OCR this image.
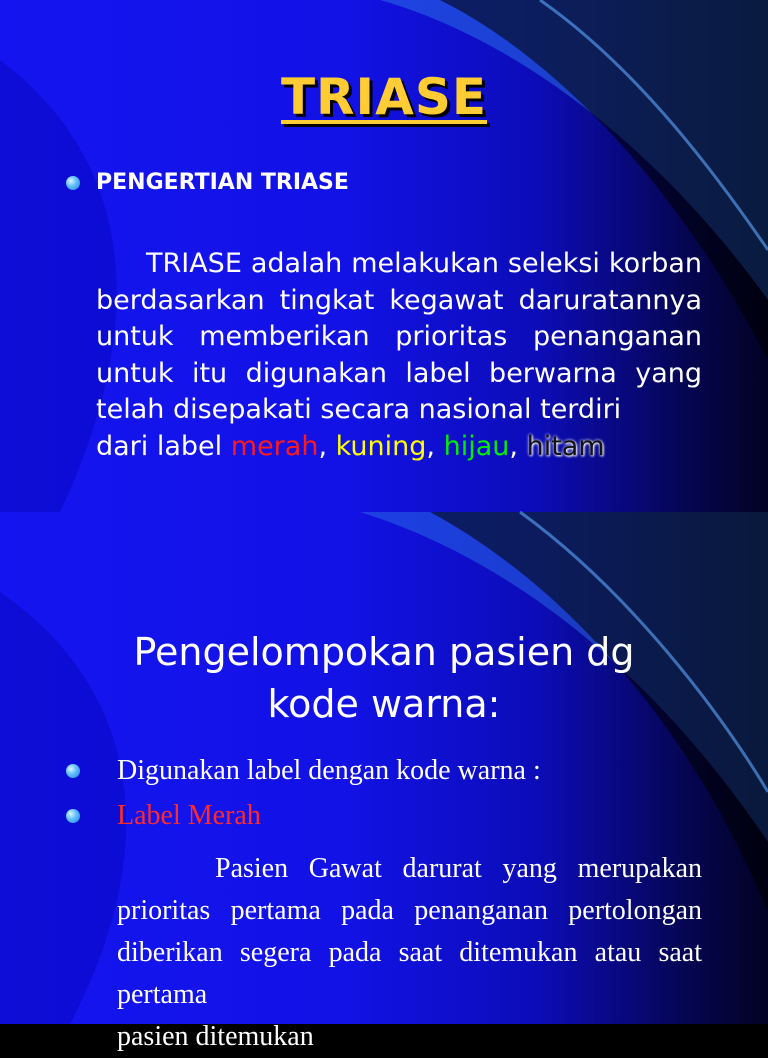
TRIASE
PENGERTIAN TRIASE
TRIASE adalah melakukan seleksi korban berdasarkan tingkat kegawat daruratannya untuk memberikan prioritas penanganan untuk itu digunakan label berwarna yang telah disepakati secara nasional terdiri
dari label merah, kuning, hijau, hitam
Pengelompokan pasien dg
kode warna:
Digunakan label dengan kode warna :
Label Merah
Pasien Gawat darurat yang merupakan prioritas pertama pada penanganan pertolongan diberikan segera pada saat ditemukan atau saat pertama
pasien ditemukan
